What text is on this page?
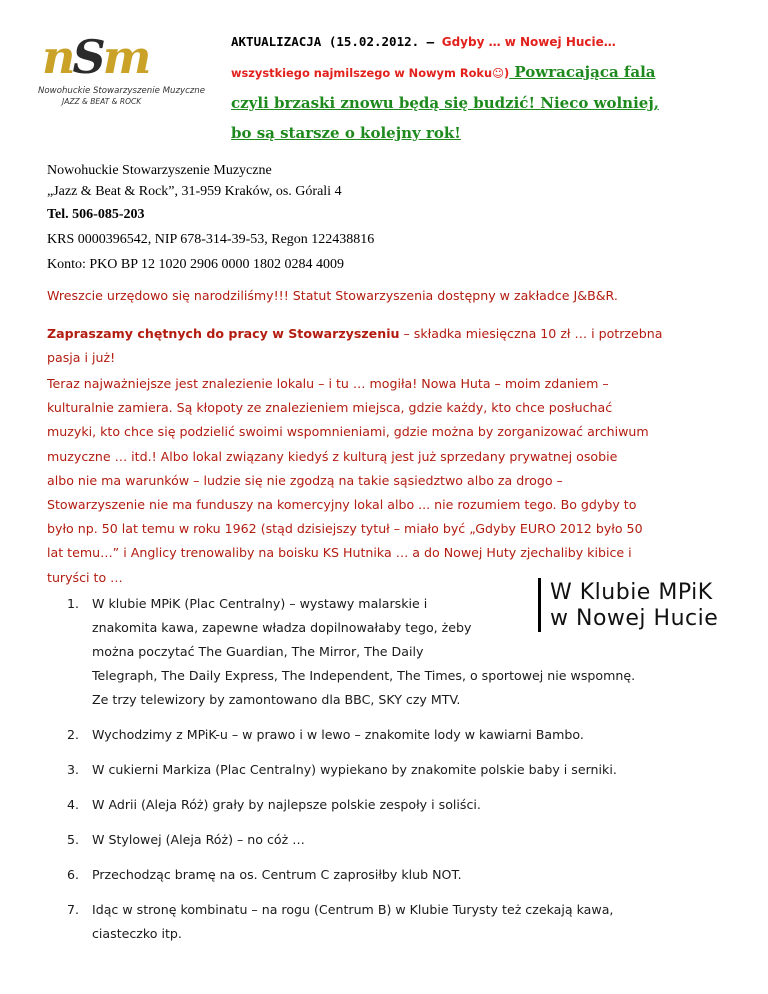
nSm
Nowohuckie Stowarzyszenie Muzyczne
JAZZ & BEAT & ROCK
AKTUALIZACJA (15.02.2012. – Gdyby … w Nowej Hucie…
wszystkiego najmilszego w Nowym Roku☺) Powracająca fala
czyli brzaski znowu będą się budzić! Nieco wolniej,
bo są starsze o kolejny rok!
Nowohuckie Stowarzyszenie Muzyczne
„Jazz & Beat & Rock”, 31-959 Kraków, os. Górali 4
Tel. 506-085-203
KRS 0000396542, NIP 678-314-39-53, Regon 122438816
Konto: PKO BP 12 1020 2906 0000 1802 0284 4009
Wreszcie urzędowo się narodziliśmy!!! Statut Stowarzyszenia dostępny w zakładce J&B&R.
Zapraszamy chętnych do pracy w Stowarzyszeniu – składka miesięczna 10 zł … i potrzebna
pasja i już!
Teraz najważniejsze jest znalezienie lokalu – i tu … mogiła! Nowa Huta – moim zdaniem –
kulturalnie zamiera. Są kłopoty ze znalezieniem miejsca, gdzie każdy, kto chce posłuchać
muzyki, kto chce się podzielić swoimi wspomnieniami, gdzie można by zorganizować archiwum
muzyczne … itd.! Albo lokal związany kiedyś z kulturą jest już sprzedany prywatnej osobie
albo nie ma warunków – ludzie się nie zgodzą na takie sąsiedztwo albo za drogo –
Stowarzyszenie nie ma funduszy na komercyjny lokal albo ... nie rozumiem tego. Bo gdyby to
było np. 50 lat temu w roku 1962 (stąd dzisiejszy tytuł – miało być „Gdyby EURO 2012 było 50
lat temu…” i Anglicy trenowaliby na boisku KS Hutnika … a do Nowej Huty zjechaliby kibice i
turyści to …
W Klubie MPiK
w Nowej Hucie
1. W klubie MPiK (Plac Centralny) – wystawy malarskie i
znakomita kawa, zapewne władza dopilnowałaby tego, żeby
można poczytać The Guardian, The Mirror, The Daily
Telegraph, The Daily Express, The Independent, The Times, o sportowej nie wspomnę.
Ze trzy telewizory by zamontowano dla BBC, SKY czy MTV.
2. Wychodzimy z MPiK-u – w prawo i w lewo – znakomite lody w kawiarni Bambo.
3. W cukierni Markiza (Plac Centralny) wypiekano by znakomite polskie baby i serniki.
4. W Adrii (Aleja Róż) grały by najlepsze polskie zespoły i soliści.
5. W Stylowej (Aleja Róż) – no cóż …
6. Przechodząc bramę na os. Centrum C zaprosiłby klub NOT.
7. Idąc w stronę kombinatu – na rogu (Centrum B) w Klubie Turysty też czekają kawa,
ciasteczko itp.
